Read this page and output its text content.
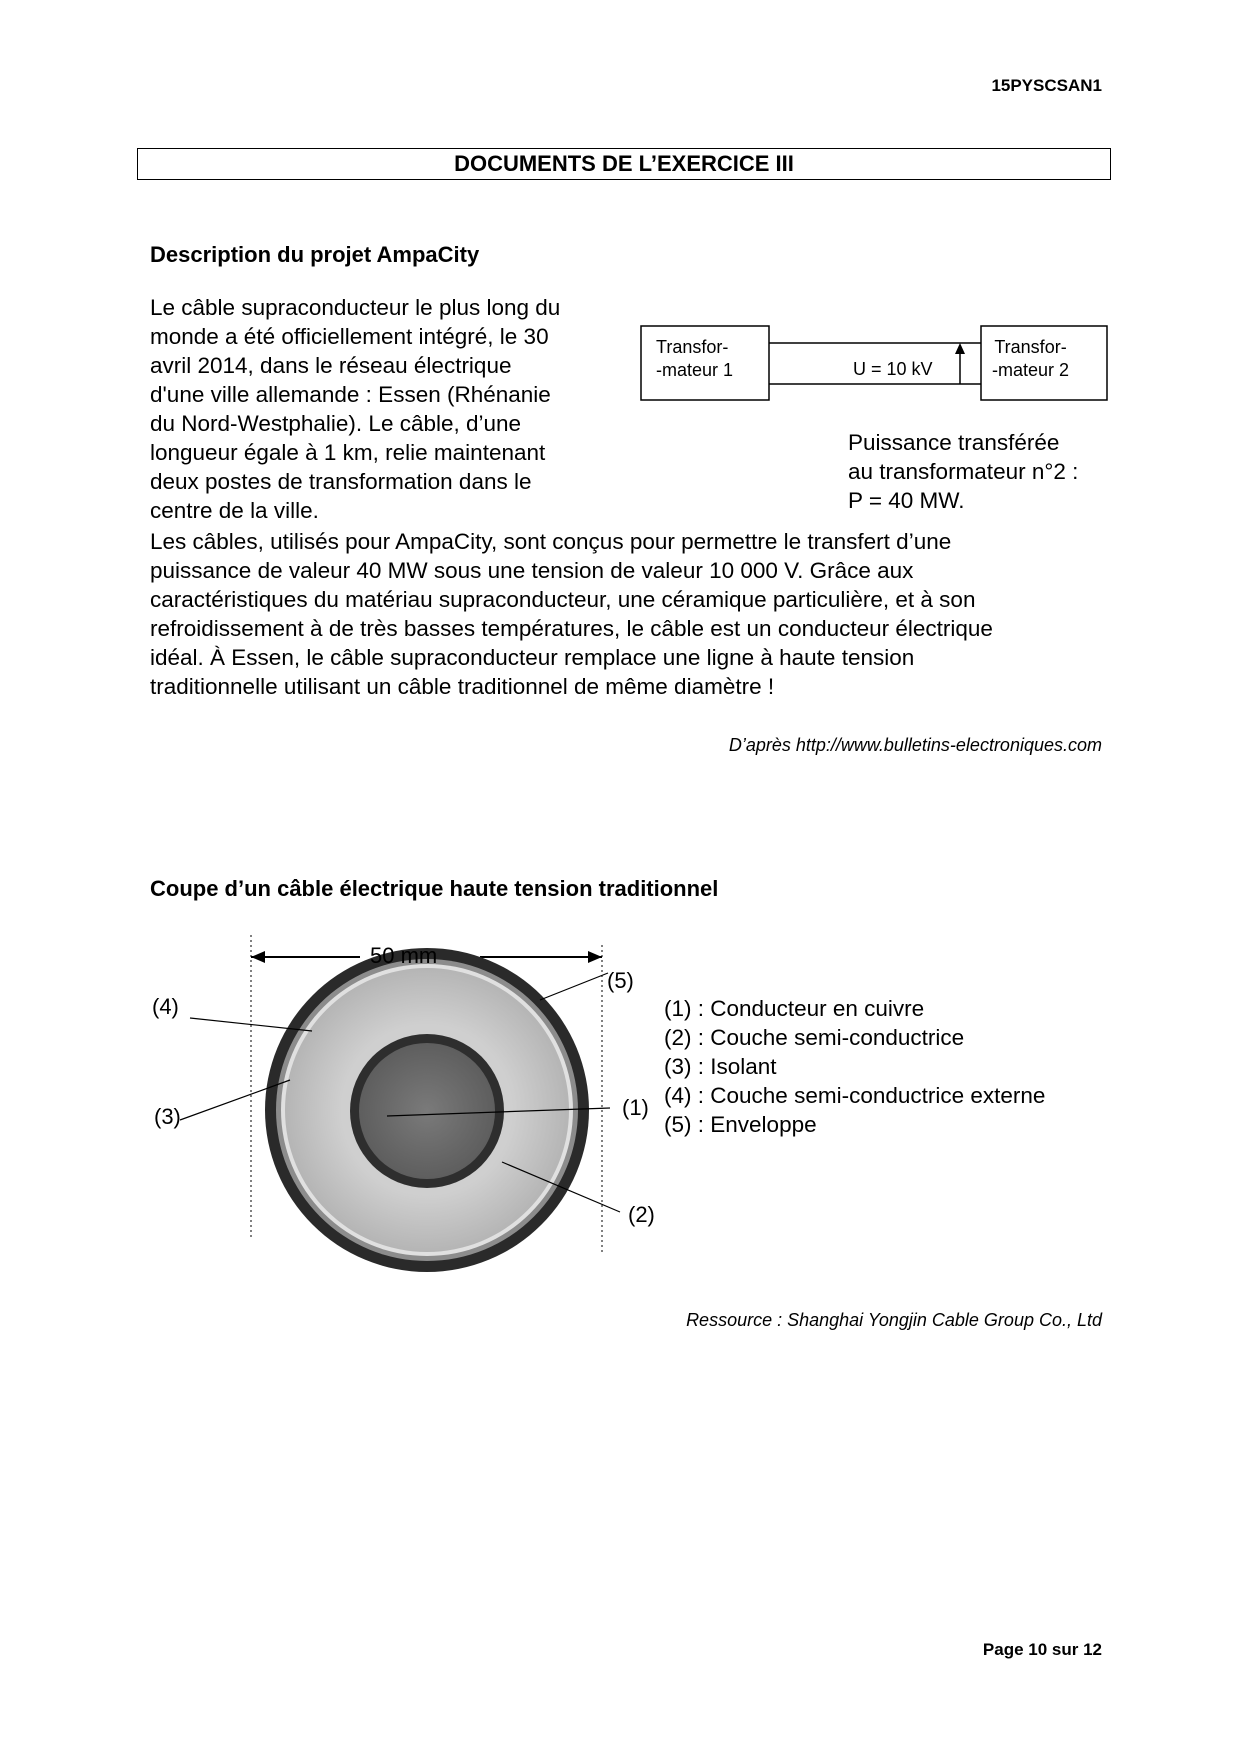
15PYSCSAN1
DOCUMENTS DE L’EXERCICE III
Description du projet AmpaCity
Le câble supraconducteur le plus long du
monde a été officiellement intégré, le 30
avril 2014, dans le réseau électrique
d'une ville allemande : Essen (Rhénanie
du Nord-Westphalie). Le câble, d’une
longueur égale à 1 km, relie maintenant
deux postes de transformation dans le
centre de la ville.
Transfor-
-mateur 1
Transfor-
-mateur 2
U = 10 kV
Puissance transférée
au transformateur n°2 :
P = 40 MW.
Les câbles, utilisés pour AmpaCity, sont conçus pour permettre le transfert d’une
puissance de valeur 40 MW sous une tension de valeur 10 000 V. Grâce aux
caractéristiques du matériau supraconducteur, une céramique particulière, et à son
refroidissement à de très basses températures, le câble est un conducteur électrique
idéal. À Essen, le câble supraconducteur remplace une ligne à haute tension
traditionnelle utilisant un câble traditionnel de même diamètre !
D’après http://www.bulletins-electroniques.com
Coupe d’un câble électrique haute tension traditionnel
50 mm
(4)
(3)
(5)
(1)
(2)
(1) : Conducteur en cuivre
(2) : Couche semi-conductrice
(3) : Isolant
(4) : Couche semi-conductrice externe
(5) : Enveloppe
Ressource : Shanghai Yongjin Cable Group Co., Ltd
Page 10 sur 12
